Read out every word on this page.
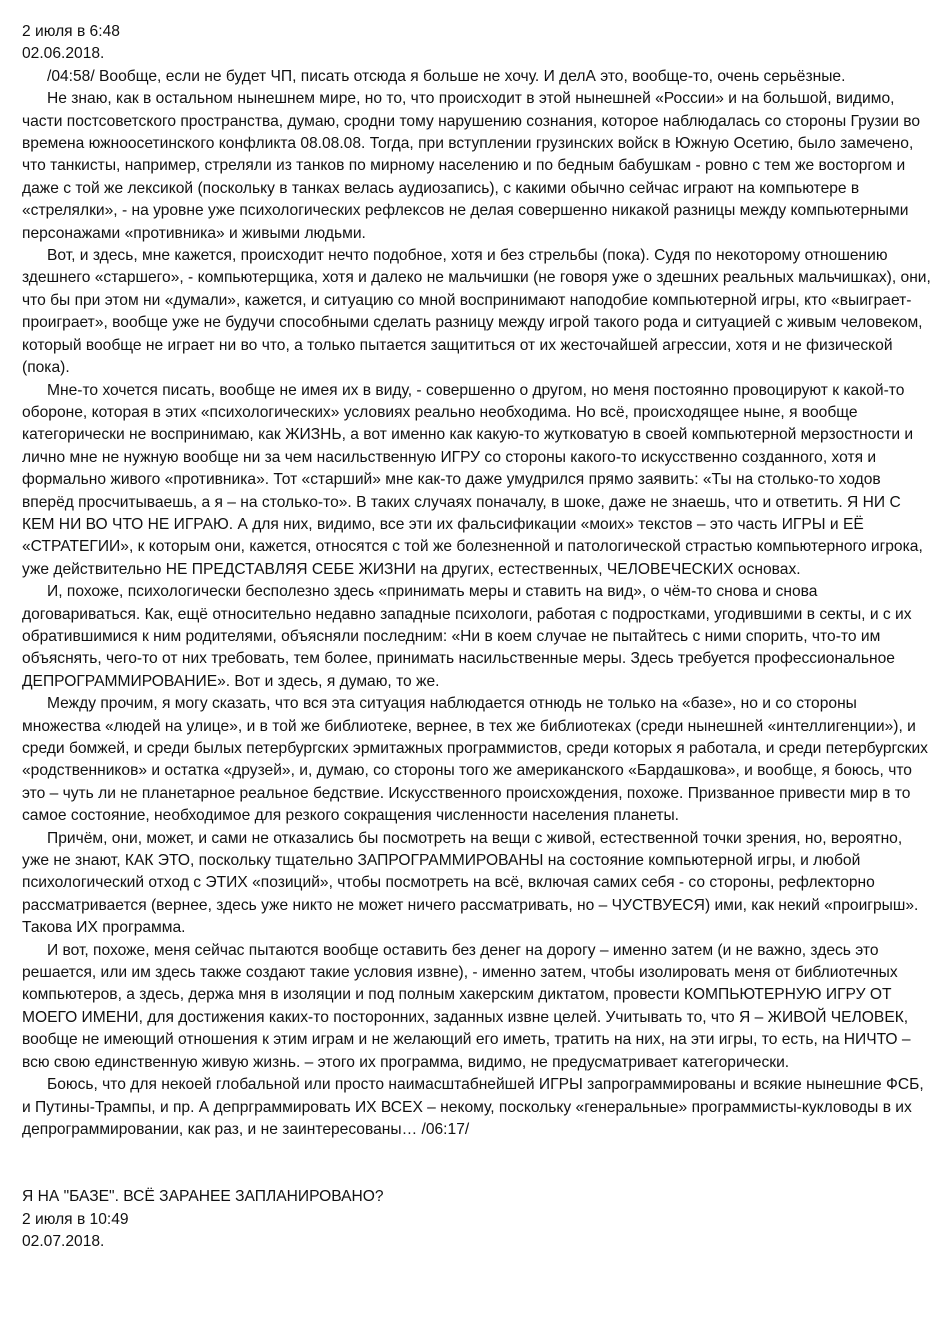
2 июля в 6:48
02.06.2018.

/04:58/ Вообще, если не будет ЧП, писать отсюда я больше не хочу. И делА это, вообще-то, очень серьёзные.

Не знаю, как в остальном нынешнем мире, но то, что происходит в этой нынешней «России» и на большой, видимо, части постсоветского пространства, думаю, сродни тому нарушению сознания, которое наблюдалась со стороны Грузии во времена южноосетинского конфликта 08.08.08. Тогда, при вступлении грузинских войск в Южную Осетию, было замечено, что танкисты, например, стреляли из танков по мирному населению и по бедным бабушкам - ровно с тем же восторгом и даже с той же лексикой (поскольку в танках велась аудиозапись), с какими обычно сейчас играют на компьютере в «стрелялки», - на уровне уже психологических рефлексов не делая совершенно никакой разницы между компьютерными персонажами «противника» и живыми людьми.

Вот, и здесь, мне кажется, происходит нечто подобное, хотя и без стрельбы (пока). Судя по некоторому отношению здешнего «старшего», - компьютерщика, хотя и далеко не мальчишки (не говоря уже о здешних реальных мальчишках), они, что бы при этом ни «думали», кажется, и ситуацию со мной воспринимают наподобие компьютерной игры, кто «выиграет-проиграет», вообще уже не будучи способными сделать разницу между игрой такого рода и ситуацией с живым человеком, который вообще не играет ни во что, а только пытается защититься от их жесточайшей агрессии, хотя и не физической (пока).

Мне-то хочется писать, вообще не имея их в виду, - совершенно о другом, но меня постоянно провоцируют к какой-то обороне, которая в этих «психологических» условиях реально необходима. Но всё, происходящее ныне, я вообще категорически не воспринимаю, как ЖИЗНЬ, а вот именно как какую-то жутковатую в своей компьютерной мерзостности и лично мне не нужную вообще ни за чем насильственную ИГРУ со стороны какого-то искусственно созданного, хотя и формально живого «противника». Тот «старший» мне как-то даже умудрился прямо заявить: «Ты на столько-то ходов вперёд просчитываешь, а я – на столько-то». В таких случаях поначалу, в шоке, даже не знаешь, что и ответить. Я НИ С КЕМ НИ ВО ЧТО НЕ ИГРАЮ. А для них, видимо, все эти их фальсификации «моих» текстов – это часть ИГРЫ и ЕЁ «СТРАТЕГИИ», к которым они, кажется, относятся с той же болезненной и патологической страстью компьютерного игрока, уже действительно НЕ ПРЕДСТАВЛЯЯ СЕБЕ ЖИЗНИ на других, естественных, ЧЕЛОВЕЧЕСКИХ основах.

И, похоже, психологически бесполезно здесь «принимать меры и ставить на вид», о чём-то снова и снова договариваться. Как, ещё относительно недавно западные психологи, работая с подростками, угодившими в секты, и с их обратившимися к ним родителями, объясняли последним: «Ни в коем случае не пытайтесь с ними спорить, что-то им объяснять, чего-то от них требовать, тем более, принимать насильственные меры. Здесь требуется профессиональное ДЕПРОГРАММИРОВАНИЕ». Вот и здесь, я думаю, то же.

Между прочим, я могу сказать, что вся эта ситуация наблюдается отнюдь не только на «базе», но и со стороны множества «людей на улице», и в той же библиотеке, вернее, в тех же библиотеках (среди нынешней «интеллигенции»), и среди бомжей, и среди былых петербургских эрмитажных программистов, среди которых я работала, и среди петербургских «родственников» и остатка «друзей», и, думаю, со стороны того же американского «Бардашкова», и вообще, я боюсь, что это – чуть ли не планетарное реальное бедствие. Искусственного происхождения, похоже. Призванное привести мир в то самое состояние, необходимое для резкого сокращения численности населения планеты.

Причём, они, может, и сами не отказались бы посмотреть на вещи с живой, естественной точки зрения, но, вероятно, уже не знают, КАК ЭТО, поскольку тщательно ЗАПРОГРАММИРОВАНЫ на состояние компьютерной игры, и любой психологический отход с ЭТИХ «позиций», чтобы посмотреть на всё, включая самих себя - со стороны, рефлекторно рассматривается (вернее, здесь уже никто не может ничего рассматривать, но – ЧУСТВУЕСЯ) ими, как некий «проигрыш». Такова ИХ программа.

И вот, похоже, меня сейчас пытаются вообще оставить без денег на дорогу – именно затем (и не важно, здесь это решается, или им здесь также создают такие условия извне), - именно затем, чтобы изолировать меня от библиотечных компьютеров, а здесь, держа мня в изоляции и под полным хакерским диктатом, провести КОМПЬЮТЕРНУЮ ИГРУ ОТ МОЕГО ИМЕНИ, для достижения каких-то посторонних, заданных извне целей. Учитывать то, что Я – ЖИВОЙ ЧЕЛОВЕК, вообще не имеющий отношения к этим играм и не желающий его иметь, тратить на них, на эти игры, то есть, на НИЧТО – всю свою единственную живую жизнь. – этого их программа, видимо, не предусматривает категорически.

Боюсь, что для некоей глобальной или просто наимасштабнейшей ИГРЫ запрограммированы и всякие нынешние ФСБ, и Путины-Трампы, и пр. А депрграммировать ИХ ВСЕХ – некому, поскольку «генеральные» программисты-кукловоды в их депрограммировании, как раз, и не заинтересованы… /06:17/

Я НА "БАЗЕ". ВСЁ ЗАРАНЕЕ ЗАПЛАНИРОВАНО?
2 июля в 10:49
02.07.2018.
